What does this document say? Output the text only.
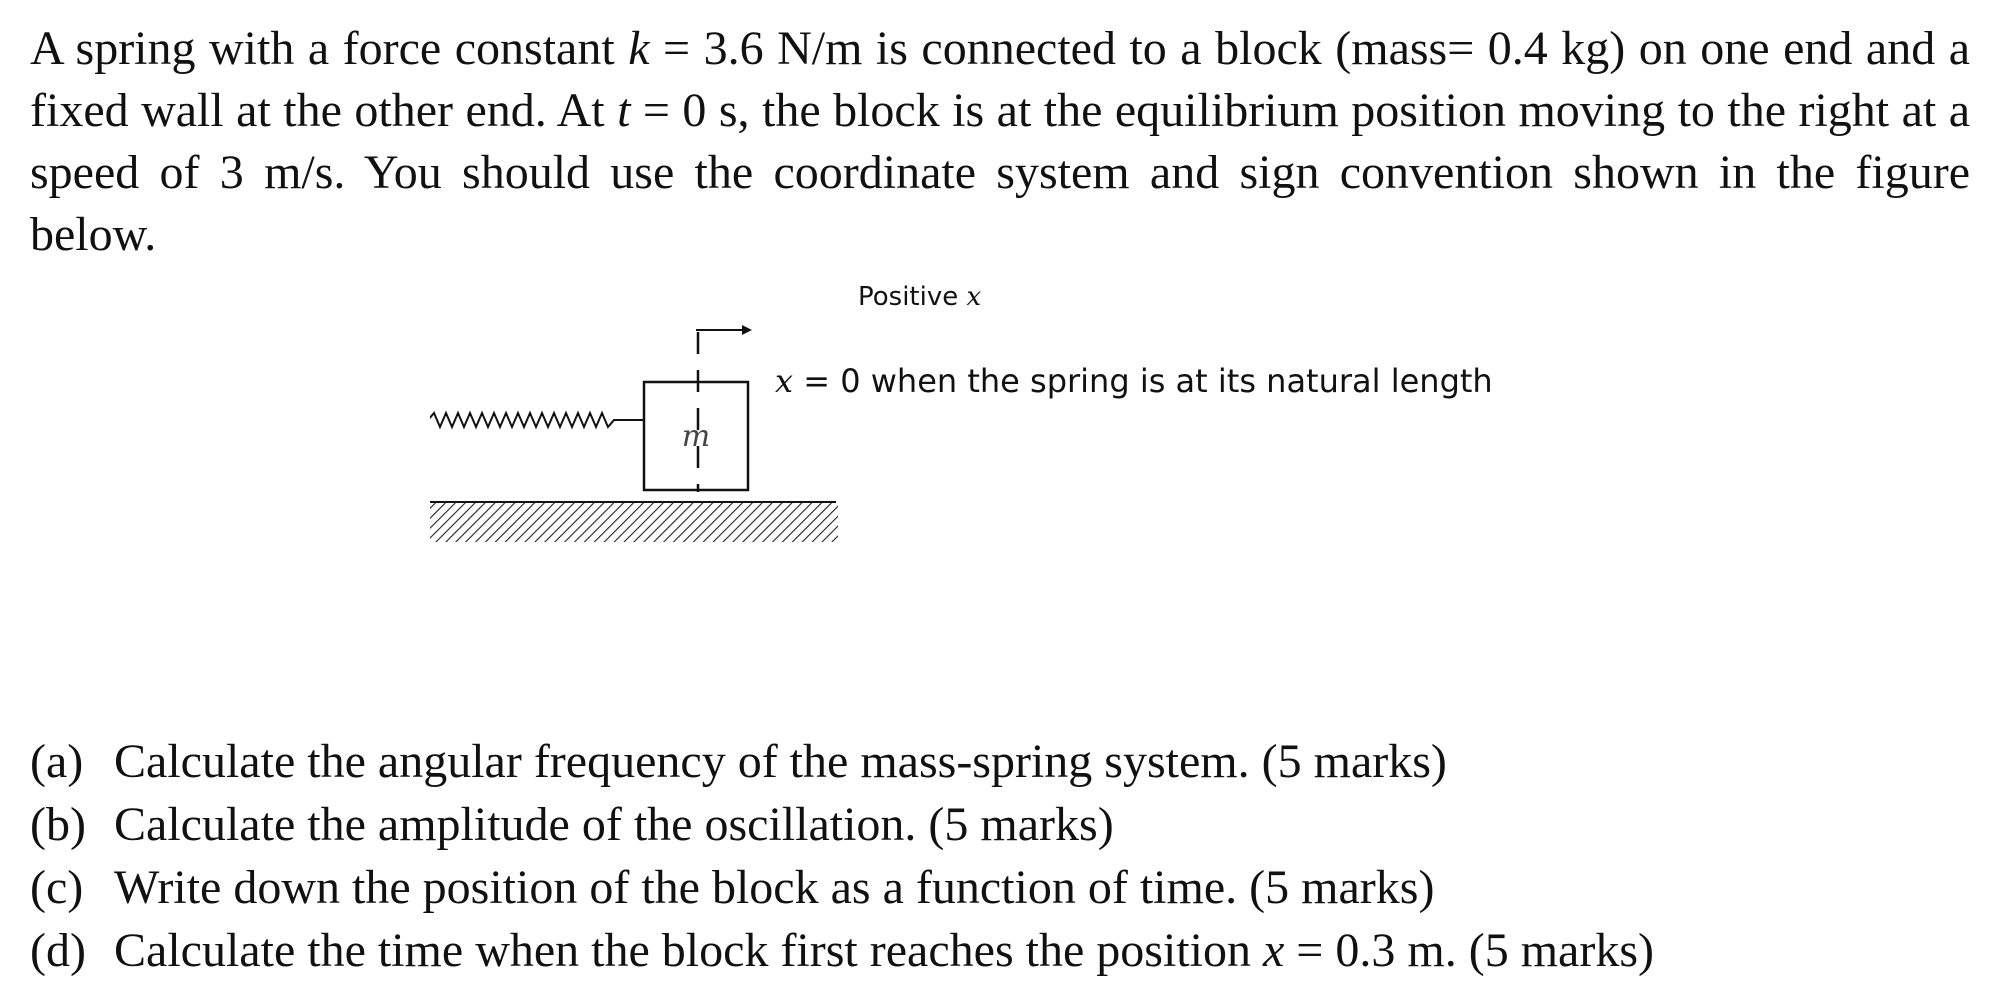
A spring with a force constant k = 3.6 N/m is connected to a block (mass= 0.4 kg) on one end and a fixed wall at the other end. At t = 0 s, the block is at the equilibrium position moving to the right at a speed of 3 m/s. You should use the coordinate system and sign convention shown in the figure below.

m
Positive x
x = 0 when the spring is at its natural length
(a) Calculate the angular frequency of the mass-spring system. (5 marks)
(b) Calculate the amplitude of the oscillation. (5 marks)
(c) Write down the position of the block as a function of time. (5 marks)
(d) Calculate the time when the block first reaches the position x = 0.3 m. (5 marks)
